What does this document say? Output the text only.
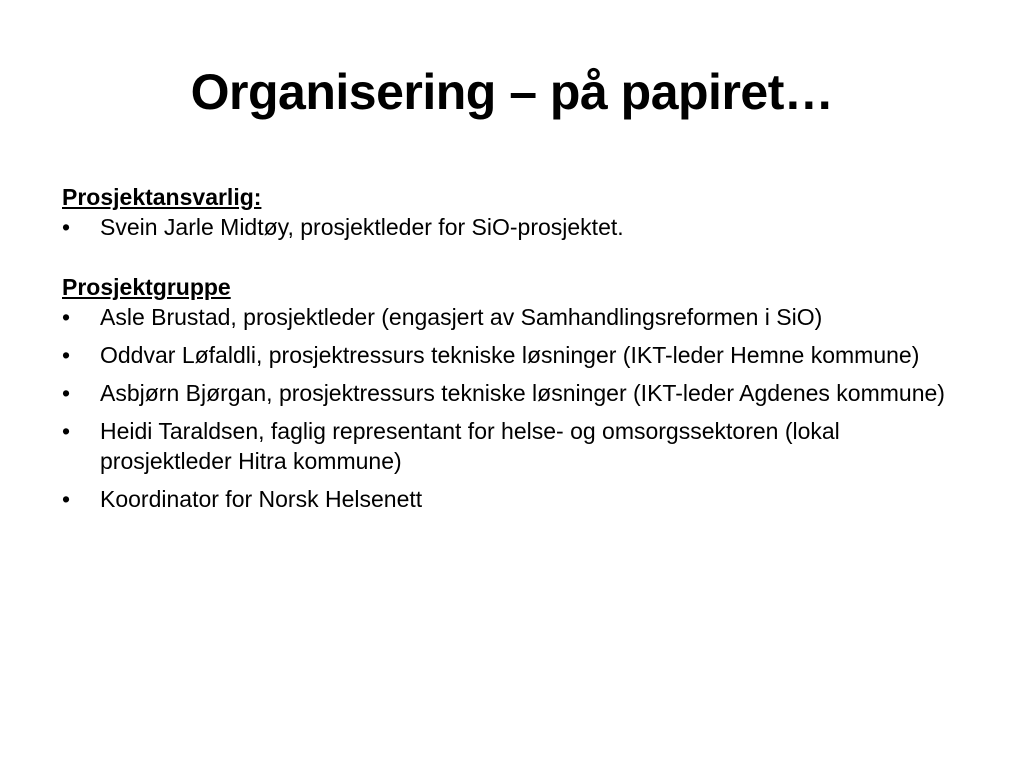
Organisering – på papiret…

Prosjektansvarlig:

• Svein Jarle Midtøy, prosjektleder for SiO-prosjektet.

Prosjektgruppe

• Asle Brustad, prosjektleder (engasjert av Samhandlingsreformen i SiO)
• Oddvar Løfaldli, prosjektressurs tekniske løsninger (IKT-leder Hemne kommune)
• Asbjørn Bjørgan, prosjektressurs tekniske løsninger (IKT-leder Agdenes kommune)
• Heidi Taraldsen, faglig representant for helse- og omsorgssektoren (lokal prosjektleder Hitra kommune)
• Koordinator for Norsk Helsenett
